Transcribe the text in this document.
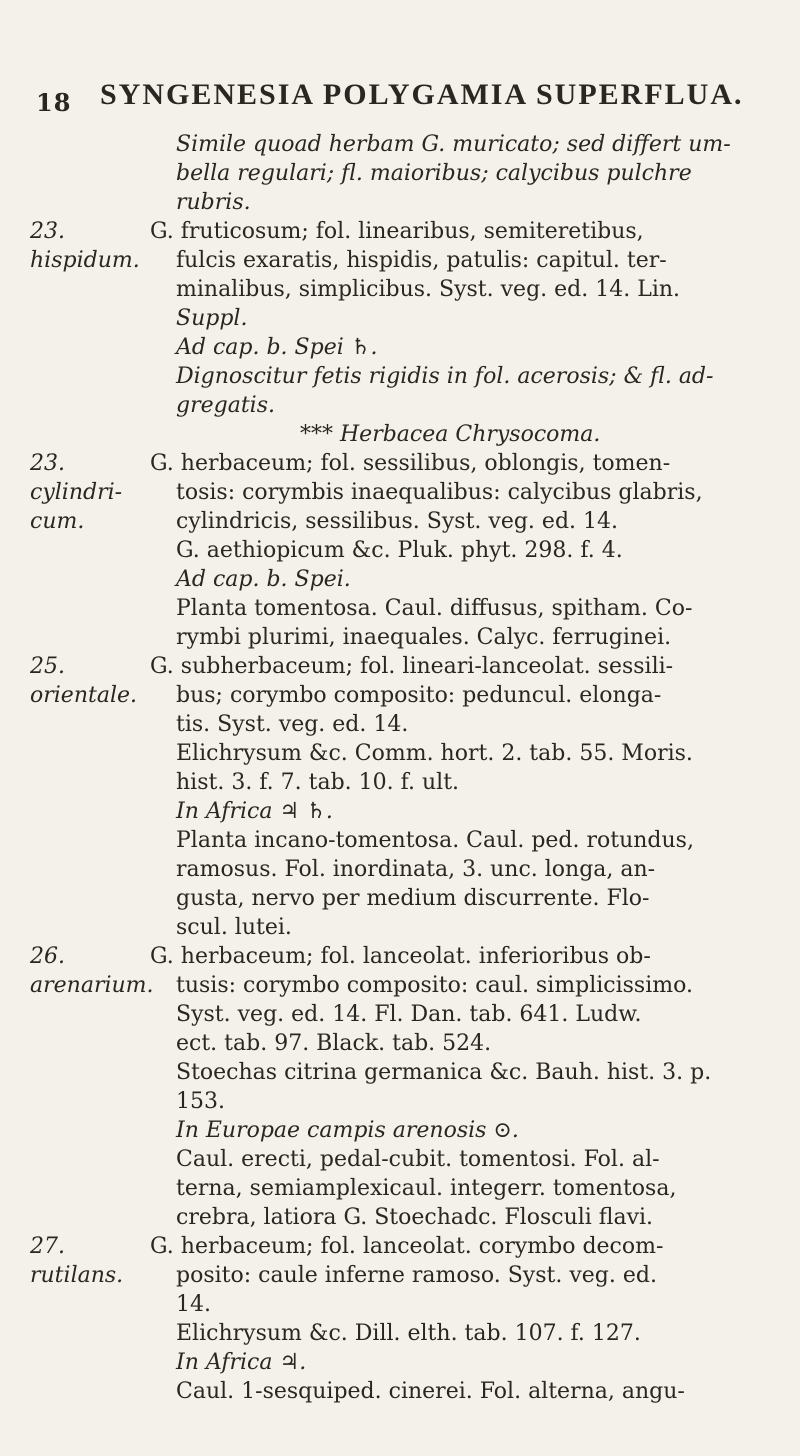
18 SYNGENESIA POLYGAMIA SUPERFLUA.
Simile quoad herbam G. muricato; sed differt um-
bella regulari; fl. maioribus; calycibus pulchre
rubris.
23. hispidum.
G. fruticosum; fol. linearibus, semiteretibus,
fulcis exaratis, hispidis, patulis: capitul. ter-
minalibus, simplicibus. Syst. veg. ed. 14. Lin.
Suppl.
Ad cap. b. Spei ♄.
Dignoscitur fetis rigidis in fol. acerosis; & fl. ad-
gregatis.
*** Herbacea Chrysocoma.
23. cylindri-cum.
G. herbaceum; fol. sessilibus, oblongis, tomen-
tosis: corymbis inaequalibus: calycibus glabris,
cylindricis, sessilibus. Syst. veg. ed. 14.
G. aethiopicum &c. Pluk. phyt. 298. f. 4.
Ad cap. b. Spei.
Planta tomentosa. Caul. diffusus, spitham. Co-
rymbi plurimi, inaequales. Calyc. ferruginei.
25. orientale.
G. subherbaceum; fol. lineari-lanceolat. sessili-
bus; corymbo composito: peduncul. elonga-
tis. Syst. veg. ed. 14.
Elichrysum &c. Comm. hort. 2. tab. 55. Moris.
hist. 3. f. 7. tab. 10. f. ult.
In Africa ♃ ♄.
Planta incano-tomentosa. Caul. ped. rotundus,
ramosus. Fol. inordinata, 3. unc. longa, an-
gusta, nervo per medium discurrente. Flo-
scul. lutei.
26. arenarium.
G. herbaceum; fol. lanceolat. inferioribus ob-
tusis: corymbo composito: caul. simplicissimo.
Syst. veg. ed. 14. Fl. Dan. tab. 641. Ludw.
ect. tab. 97. Black. tab. 524.
Stoechas citrina germanica &c. Bauh. hist. 3. p.
153.
In Europae campis arenosis ⊙.
Caul. erecti, pedal-cubit. tomentosi. Fol. al-
terna, semiamplexicaul. integerr. tomentosa,
crebra, latiora G. Stoechadc. Flosculi flavi.
27. rutilans.
G. herbaceum; fol. lanceolat. corymbo decom-
posito: caule inferne ramoso. Syst. veg. ed.
14.
Elichrysum &c. Dill. elth. tab. 107. f. 127.
In Africa ♃.
Caul. 1-sesquiped. cinerei. Fol. alterna, angu-
